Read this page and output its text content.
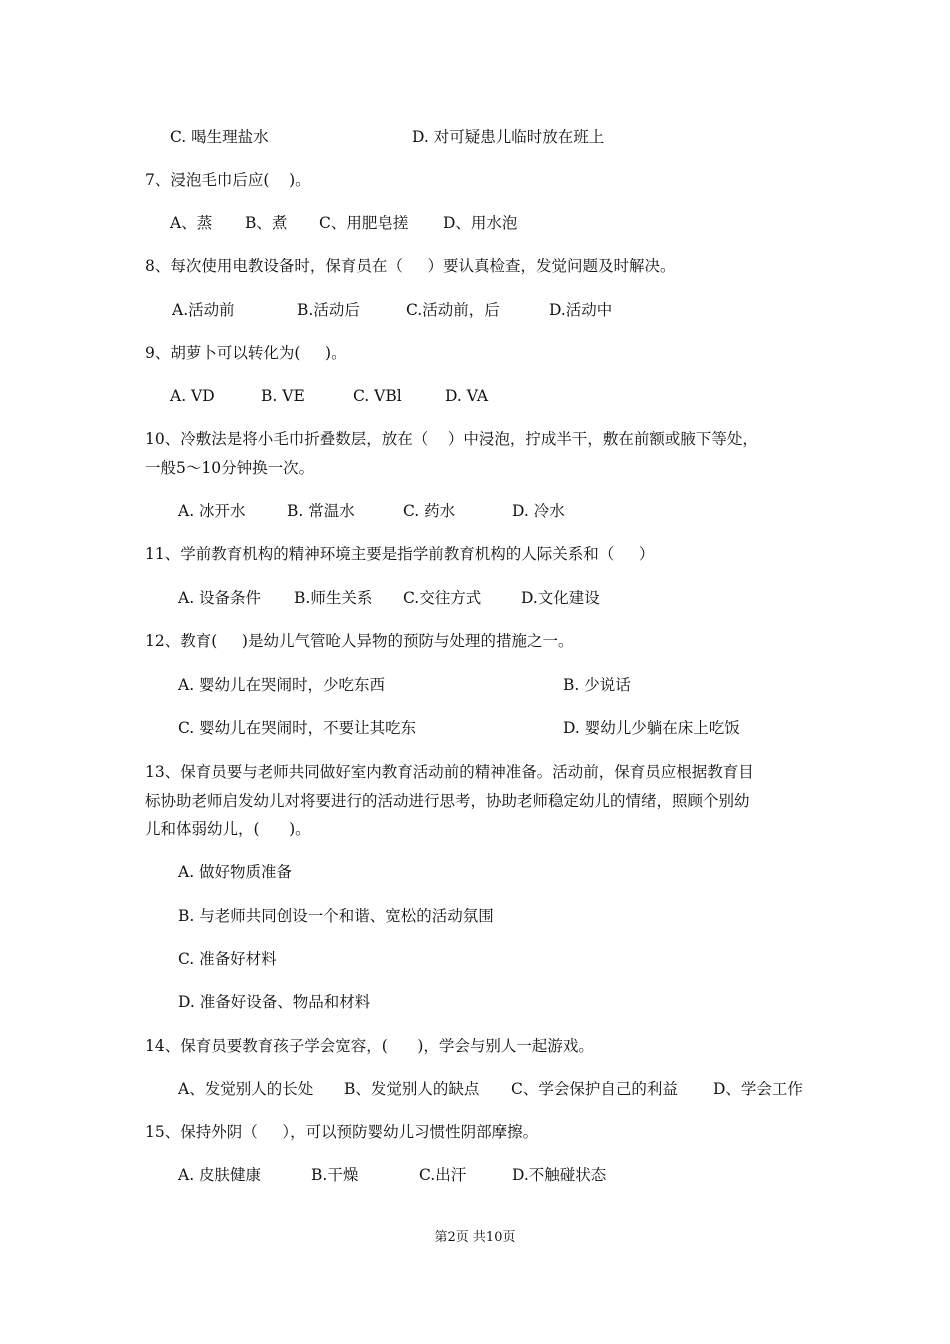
C. 喝生理盐水	D. 对可疑患儿临时放在班上
7、浸泡毛巾后应(    )。
A、蒸 B、煮 C、用肥皂搓 D、用水泡
8、每次使用电教设备时，保育员在（     ）要认真检查，发觉问题及时解决。
A.活动前	B.活动后	C.活动前，后	D.活动中
9、胡萝卜可以转化为(     )。
A. VD	B. VE	C. VBl	D. VA
10、冷敷法是将小毛巾折叠数层，放在（    ）中浸泡，拧成半干，敷在前额或腋下等处，
一般5～10分钟换一次。
A. 冰开水	B. 常温水	C. 药水	D. 冷水
11、学前教育机构的精神环境主要是指学前教育机构的人际关系和（     ）
A. 设备条件 B.师生关系 C.交往方式	D.文化建设
12、教育(     )是幼儿气管呛人异物的预防与处理的措施之一。
A. 婴幼儿在哭闹时，少吃东西	B. 少说话
C. 婴幼儿在哭闹时，不要让其吃东	D. 婴幼儿少躺在床上吃饭
13、保育员要与老师共同做好室内教育活动前的精神准备。活动前，保育员应根据教育目
标协助老师启发幼儿对将要进行的活动进行思考，协助老师稳定幼儿的情绪，照顾个别幼
儿和体弱幼儿，(      )。
A. 做好物质准备
B. 与老师共同创设一个和谐、宽松的活动氛围
C. 准备好材料
D. 准备好设备、物品和材料
14、保育员要教育孩子学会宽容，(      )，学会与别人一起游戏。
A、发觉别人的长处 B、发觉别人的缺点 C、学会保护自己的利益 D、学会工作
15、保持外阴（     ），可以预防婴幼儿习惯性阴部摩擦。
A. 皮肤健康	B.干燥	C.出汗	D.不触碰状态
第2页 共10页
